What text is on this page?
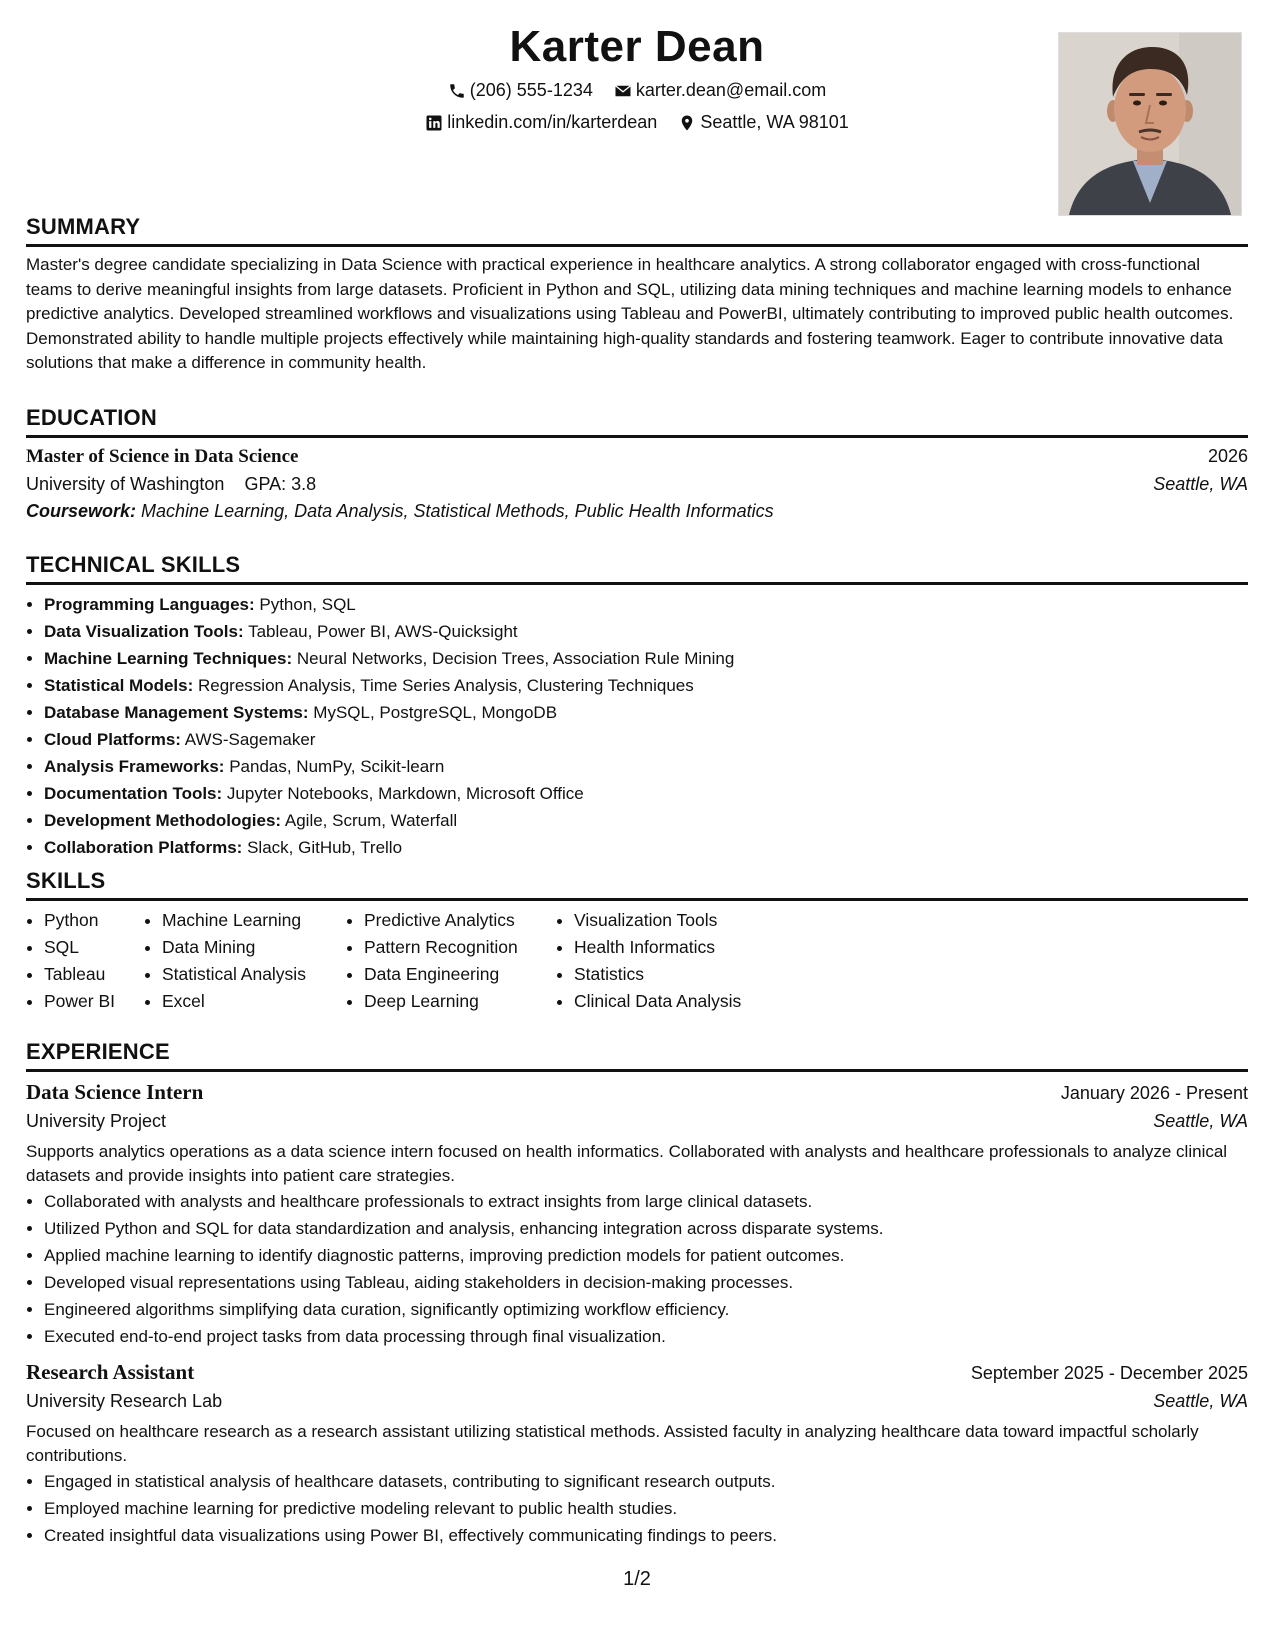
Karter Dean
(206) 555-1234
karter.dean@email.com
linkedin.com/in/karterdean
Seattle, WA 98101
SUMMARY

Master's degree candidate specializing in Data Science with practical experience in healthcare analytics. A strong collaborator engaged with cross-functional teams to derive meaningful insights from large datasets. Proficient in Python and SQL, utilizing data mining techniques and machine learning models to enhance predictive analytics. Developed streamlined workflows and visualizations using Tableau and PowerBI, ultimately contributing to improved public health outcomes. Demonstrated ability to handle multiple projects effectively while maintaining high-quality standards and fostering teamwork. Eager to contribute innovative data solutions that make a difference in community health.

EDUCATION
Master of Science in Data Science	2026
University of Washington GPA: 3.8	Seattle, WA
Coursework: Machine Learning, Data Analysis, Statistical Methods, Public Health Informatics
TECHNICAL SKILLS
• Programming Languages: Python, SQL
• Data Visualization Tools: Tableau, Power BI, AWS-Quicksight
• Machine Learning Techniques: Neural Networks, Decision Trees, Association Rule Mining
• Statistical Models: Regression Analysis, Time Series Analysis, Clustering Techniques
• Database Management Systems: MySQL, PostgreSQL, MongoDB
• Cloud Platforms: AWS-Sagemaker
• Analysis Frameworks: Pandas, NumPy, Scikit-learn
• Documentation Tools: Jupyter Notebooks, Markdown, Microsoft Office
• Development Methodologies: Agile, Scrum, Waterfall
• Collaboration Platforms: Slack, GitHub, Trello
SKILLS
• Python
• SQL
• Tableau
• Power BI
• Machine Learning
• Data Mining
• Statistical Analysis
• Excel
• Predictive Analytics
• Pattern Recognition
• Data Engineering
• Deep Learning
• Visualization Tools
• Health Informatics
• Statistics
• Clinical Data Analysis
EXPERIENCE
Data Science Intern	January 2026 - Present
University Project	Seattle, WA

Supports analytics operations as a data science intern focused on health informatics. Collaborated with analysts and healthcare professionals to analyze clinical datasets and provide insights into patient care strategies.

• Collaborated with analysts and healthcare professionals to extract insights from large clinical datasets.
• Utilized Python and SQL for data standardization and analysis, enhancing integration across disparate systems.
• Applied machine learning to identify diagnostic patterns, improving prediction models for patient outcomes.
• Developed visual representations using Tableau, aiding stakeholders in decision-making processes.
• Engineered algorithms simplifying data curation, significantly optimizing workflow efficiency.
• Executed end-to-end project tasks from data processing through final visualization.
Research Assistant	September 2025 - December 2025
University Research Lab	Seattle, WA

Focused on healthcare research as a research assistant utilizing statistical methods. Assisted faculty in analyzing healthcare data toward impactful scholarly contributions.

• Engaged in statistical analysis of healthcare datasets, contributing to significant research outputs.
• Employed machine learning for predictive modeling relevant to public health studies.
• Created insightful data visualizations using Power BI, effectively communicating findings to peers.
1/2
